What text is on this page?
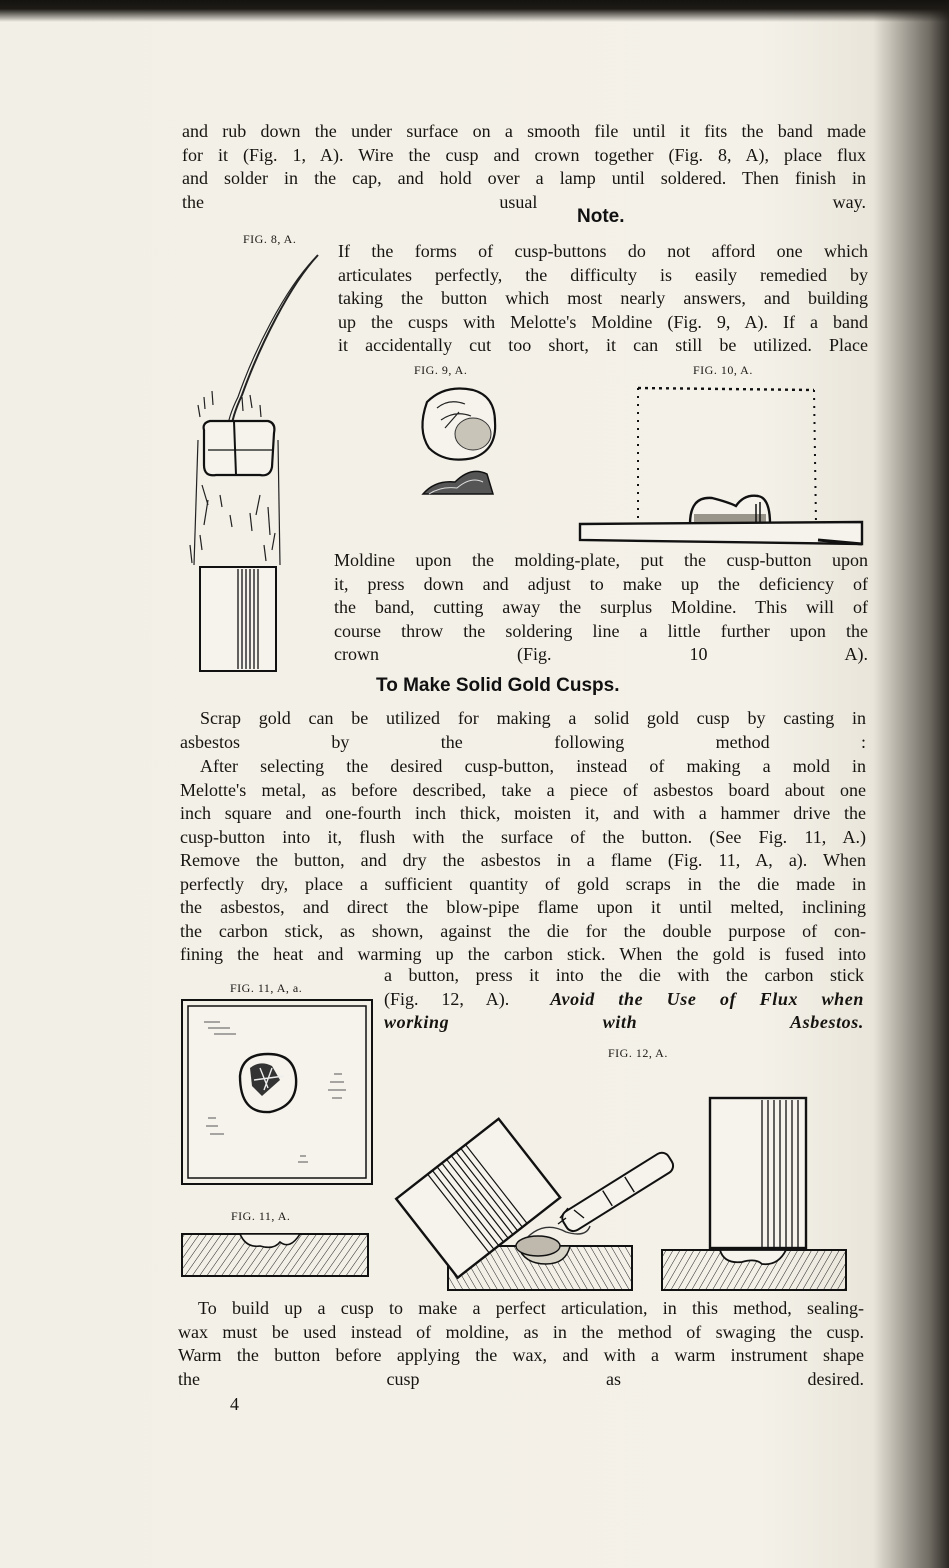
and rub down the under surface on a smooth file until it fits the band made
for it (Fig. 1, A). Wire the cusp and crown together (Fig. 8, A), place flux
and solder in the cap, and hold over a lamp until soldered. Then finish in
the usual way.
Note.
FIG. 8, A.
If the forms of cusp-buttons do not afford one which
articulates perfectly, the difficulty is easily remedied by
taking the button which most nearly answers, and building
up the cusps with Melotte's Moldine (Fig. 9, A). If a band
it accidentally cut too short, it can still be utilized. Place
FIG. 9, A.	FIG. 10, A.
Moldine upon the molding-plate, put the cusp-button upon
it, press down and adjust to make up the deficiency of
the band, cutting away the surplus Moldine. This will of
course throw the soldering line a little further upon the
crown (Fig. 10 A).
To Make Solid Gold Cusps.
Scrap gold can be utilized for making a solid gold cusp by casting in
asbestos by the following method :
After selecting the desired cusp-button, instead of making a mold in
Melotte's metal, as before described, take a piece of asbestos board about one
inch square and one-fourth inch thick, moisten it, and with a hammer drive the
cusp-button into it, flush with the surface of the button. (See Fig. 11, A.)
Remove the button, and dry the asbestos in a flame (Fig. 11, A, a). When
perfectly dry, place a sufficient quantity of gold scraps in the die made in
the asbestos, and direct the blow-pipe flame upon it until melted, inclining
the carbon stick, as shown, against the die for the double purpose of con-
fining the heat and warming up the carbon stick. When the gold is fused into
a button, press it into the die with the carbon stick
(Fig. 12, A). Avoid the Use of Flux when
working with Asbestos.
FIG. 11, A, a.
FIG. 12, A.
FIG. 11, A.
To build up a cusp to make a perfect articulation, in this method, sealing-
wax must be used instead of moldine, as in the method of swaging the cusp.
Warm the button before applying the wax, and with a warm instrument shape
the cusp as desired.
4
